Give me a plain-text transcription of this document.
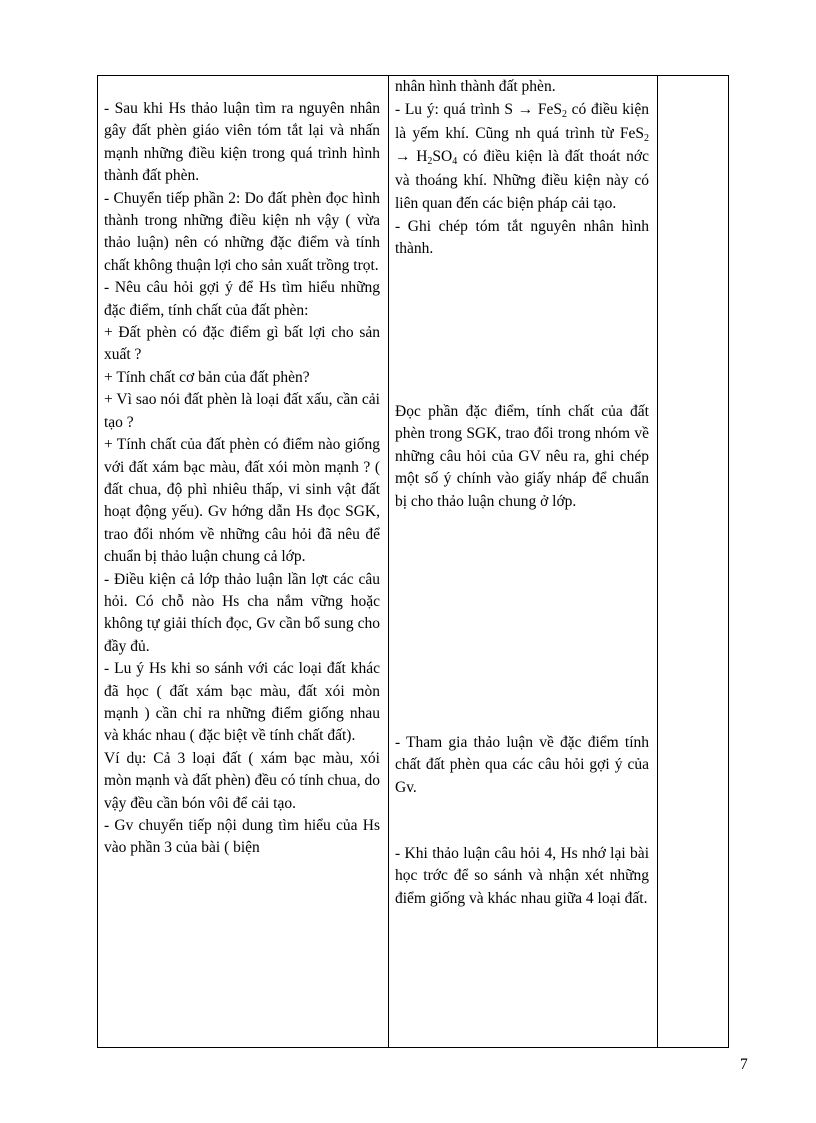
- Sau khi Hs thảo luận tìm ra nguyên nhân gây đất phèn giáo viên tóm tắt lại và nhấn mạnh những điều kiện trong quá trình hình thành đất phèn.

- Chuyển tiếp phần 2: Do đất phèn đọc hình thành trong những điều kiện nh vậy ( vừa thảo luận) nên có những đặc điểm và tính chất không thuận lợi cho sản xuất trồng trọt.

- Nêu câu hỏi gợi ý để Hs tìm hiểu những đặc điểm, tính chất của đất phèn:

+ Đất phèn có đặc điểm gì bất lợi cho sản xuất ?

+ Tính chất cơ bản của đất phèn?

+ Vì sao nói đất phèn là loại đất xấu, cần cải tạo ?

+ Tính chất của đất phèn có điểm nào giống với đất xám bạc màu, đất xói mòn mạnh ? ( đất chua, độ phì nhiêu thấp, vi sinh vật đất hoạt động yếu). Gv hớng dẫn Hs đọc SGK, trao đổi nhóm về những câu hỏi đã nêu để chuẩn bị thảo luận chung cả lớp.

- Điều kiện cả lớp thảo luận lần lợt các câu hỏi. Có chỗ nào Hs cha nắm vững hoặc không tự giải thích đọc, Gv cần bổ sung cho đầy đủ.

- Lu ý Hs khi so sánh với các loại đất khác đã học ( đất xám bạc màu, đất xói mòn mạnh ) cần chỉ ra những điểm giống nhau và khác nhau ( đặc biệt về tính chất đất).

Ví dụ: Cả 3 loại đất ( xám bạc màu, xói mòn mạnh và đất phèn) đều có tính chua, do vậy đều cần bón vôi để cải tạo.

- Gv chuyển tiếp nội dung tìm hiểu của Hs vào phần 3 của bài ( biện

nhân hình thành đất phèn.

- Lu ý: quá trình S → FeS$_2$ có điều kiện là yếm khí. Cũng nh quá trình từ $FeS_2 \to H_2SO_4$ có điều kiện là đất thoát nớc và thoáng khí. Những điều kiện này có liên quan đến các biện pháp cải tạo.

- Ghi chép tóm tắt nguyên nhân hình thành.

Đọc phần đặc điểm, tính chất của đất phèn trong SGK, trao đổi trong nhóm về những câu hỏi của GV nêu ra, ghi chép một số ý chính vào giấy nháp để chuẩn bị cho thảo luận chung ở lớp.

- Tham gia thảo luận về đặc điểm tính chất đất phèn qua các câu hỏi gợi ý của Gv.

- Khi thảo luận câu hỏi 4, Hs nhớ lại bài học trớc để so sánh và nhận xét những điểm giống và khác nhau giữa 4 loại đất.

7
